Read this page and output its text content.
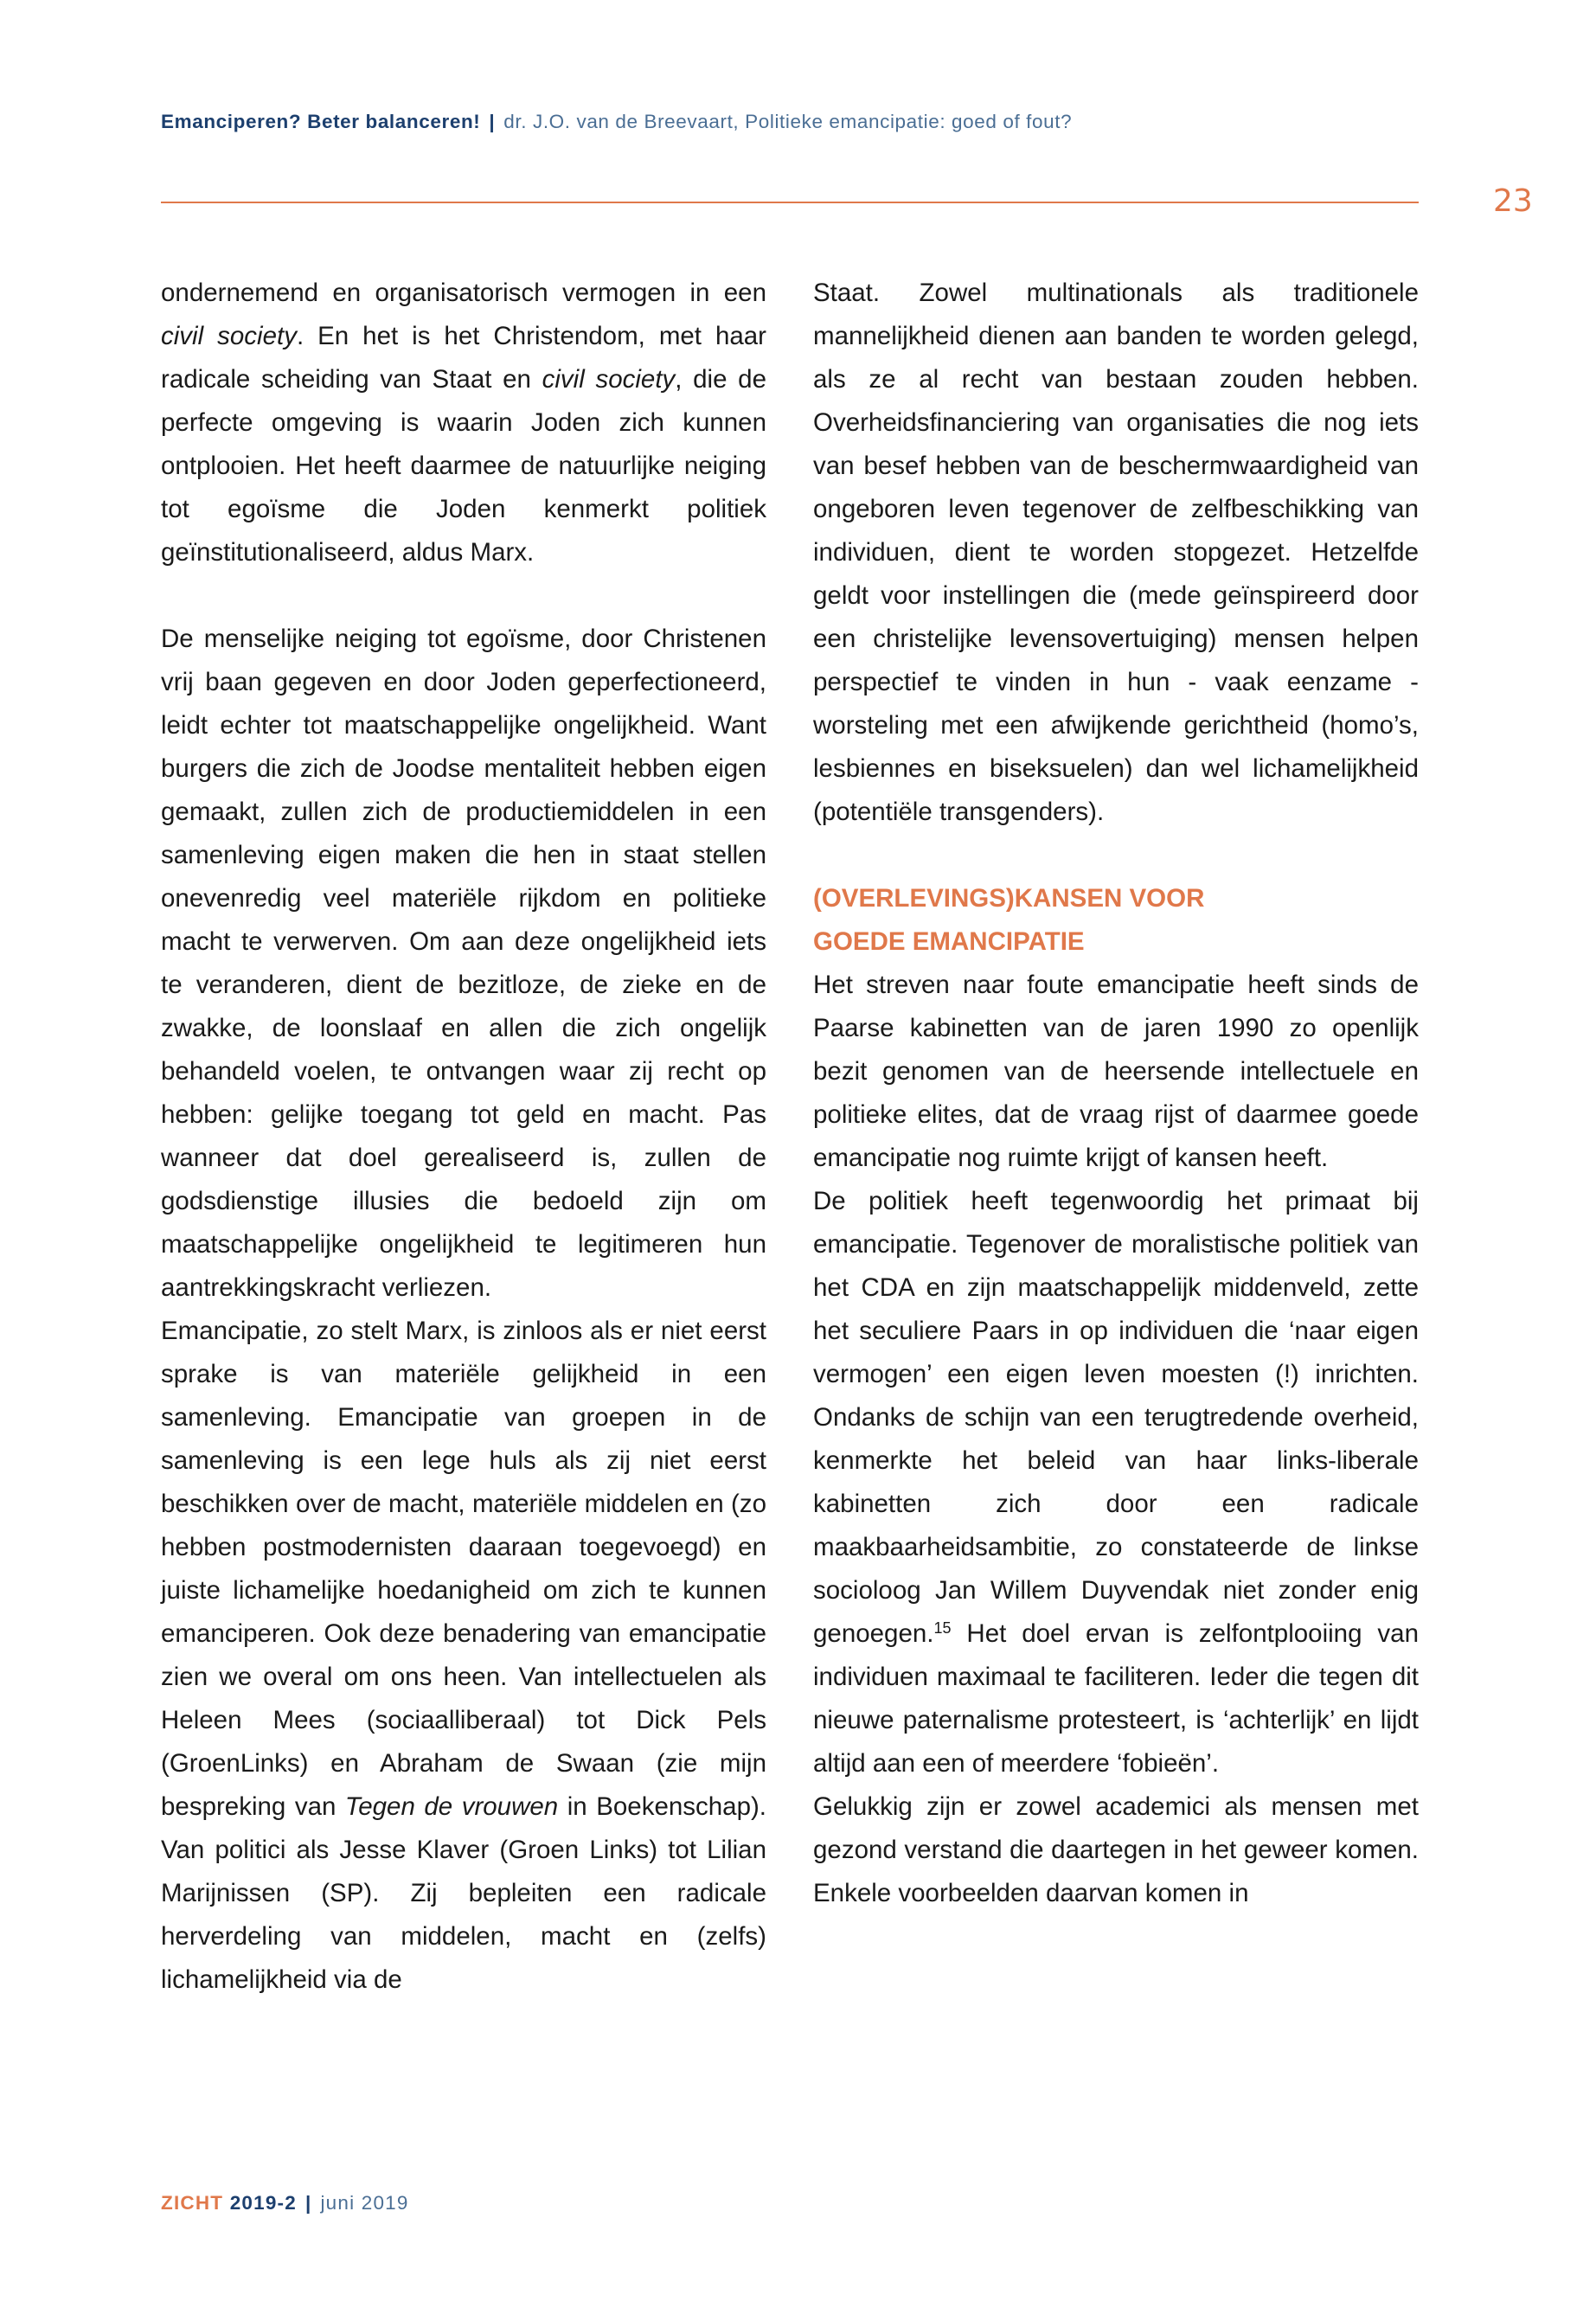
Emanciperen? Beter balanceren! | dr. J.O. van de Breevaart, Politieke emancipatie: goed of fout?
23

ondernemend en organisatorisch vermogen in een civil society. En het is het Christendom, met haar radicale scheiding van Staat en civil society, die de perfecte omgeving is waarin Joden zich kunnen ontplooien. Het heeft daarmee de natuurlijke neiging tot egoïsme die Joden kenmerkt politiek geïnstitutionaliseerd, aldus Marx.

De menselijke neiging tot egoïsme, door Christenen vrij baan gegeven en door Joden geperfectioneerd, leidt echter tot maatschappelijke ongelijkheid. Want burgers die zich de Joodse mentaliteit hebben eigen gemaakt, zullen zich de productiemiddelen in een samenleving eigen maken die hen in staat stellen onevenredig veel materiële rijkdom en politieke macht te verwerven. Om aan deze ongelijkheid iets te veranderen, dient de bezitloze, de zieke en de zwakke, de loonslaaf en allen die zich ongelijk behandeld voelen, te ontvangen waar zij recht op hebben: gelijke toegang tot geld en macht. Pas wanneer dat doel gerealiseerd is, zullen de godsdienstige illusies die bedoeld zijn om maatschappelijke ongelijkheid te legitimeren hun aantrekkingskracht verliezen.

Emancipatie, zo stelt Marx, is zinloos als er niet eerst sprake is van materiële gelijkheid in een samenleving. Emancipatie van groepen in de samenleving is een lege huls als zij niet eerst beschikken over de macht, materiële middelen en (zo hebben postmodernisten daaraan toegevoegd) en juiste lichamelijke hoedanigheid om zich te kunnen emanciperen. Ook deze benadering van emancipatie zien we overal om ons heen. Van intellectuelen als Heleen Mees (sociaalliberaal) tot Dick Pels (GroenLinks) en Abraham de Swaan (zie mijn bespreking van Tegen de vrouwen in Boekenschap). Van politici als Jesse Klaver (Groen Links) tot Lilian Marijnissen (SP). Zij bepleiten een radicale herverdeling van middelen, macht en (zelfs) lichamelijkheid via de

Staat. Zowel multinationals als traditionele mannelijkheid dienen aan banden te worden gelegd, als ze al recht van bestaan zouden hebben. Overheidsfinanciering van organisaties die nog iets van besef hebben van de beschermwaardigheid van ongeboren leven tegenover de zelfbeschikking van individuen, dient te worden stopgezet. Hetzelfde geldt voor instellingen die (mede geïnspireerd door een christelijke levensovertuiging) mensen helpen perspectief te vinden in hun - vaak eenzame - worsteling met een afwijkende gerichtheid (homo’s, lesbiennes en biseksuelen) dan wel lichamelijkheid (potentiële transgenders).

(OVERLEVINGS)KANSEN VOOR
GOEDE EMANCIPATIE

Het streven naar foute emancipatie heeft sinds de Paarse kabinetten van de jaren 1990 zo openlijk bezit genomen van de heersende intellectuele en politieke elites, dat de vraag rijst of daarmee goede emancipatie nog ruimte krijgt of kansen heeft.

De politiek heeft tegenwoordig het primaat bij emancipatie. Tegenover de moralistische politiek van het CDA en zijn maatschappelijk middenveld, zette het seculiere Paars in op individuen die ‘naar eigen vermogen’ een eigen leven moesten (!) inrichten. Ondanks de schijn van een terugtredende overheid, kenmerkte het beleid van haar links-liberale kabinetten zich door een radicale maakbaarheidsambitie, zo constateerde de linkse socioloog Jan Willem Duyvendak niet zonder enig genoegen.$^{15}$ Het doel ervan is zelfontplooiing van individuen maximaal te faciliteren. Ieder die tegen dit nieuwe paternalisme protesteert, is ‘achterlijk’ en lijdt altijd aan een of meerdere ‘fobieën’.

Gelukkig zijn er zowel academici als mensen met gezond verstand die daartegen in het geweer komen. Enkele voorbeelden daarvan komen in

ZICHT 2019-2 | juni 2019
